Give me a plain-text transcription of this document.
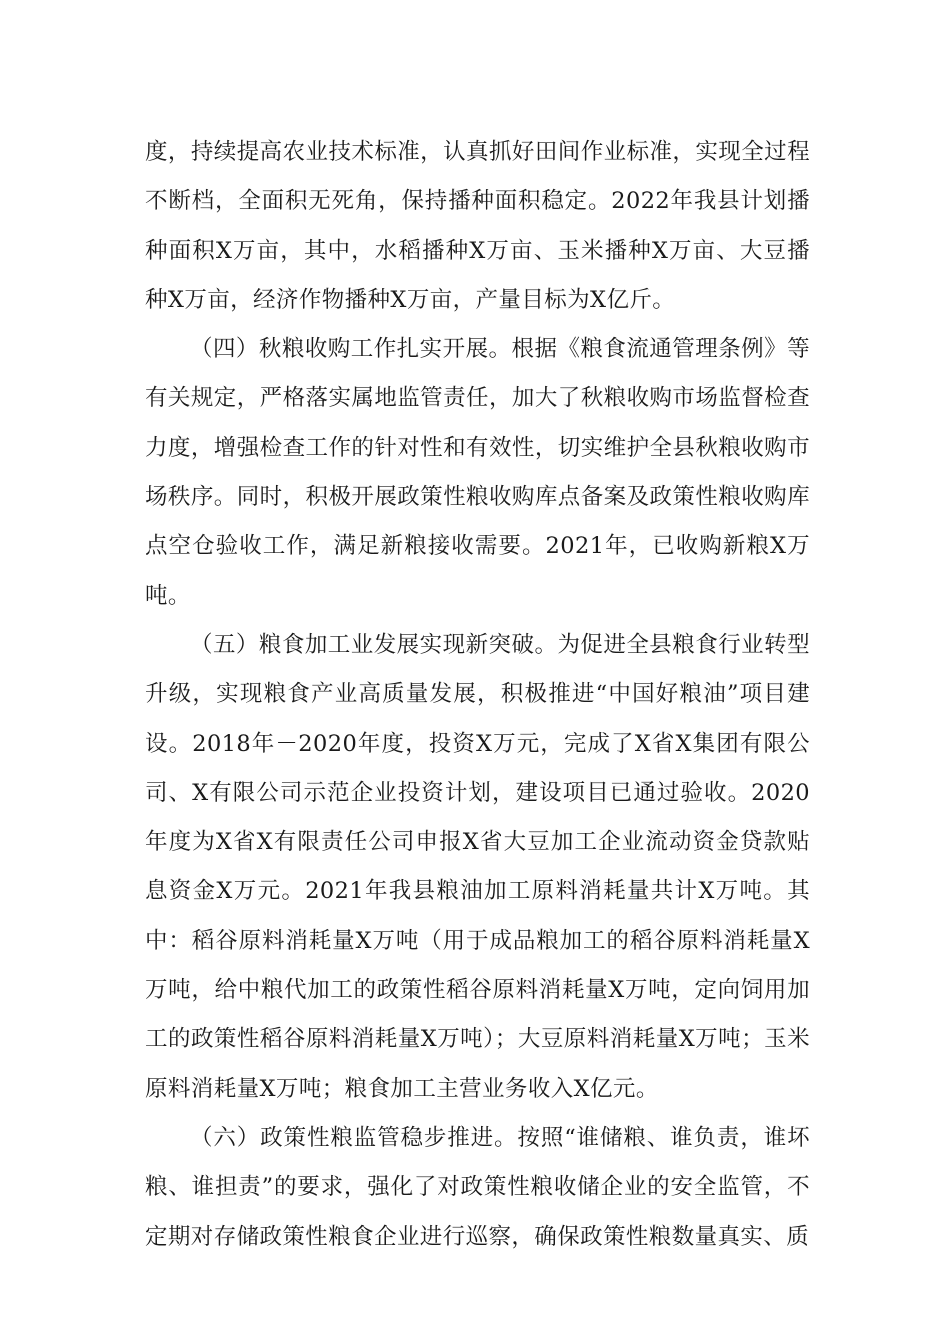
度，持续提高农业技术标准，认真抓好田间作业标准，实现全过程不断档，全面积无死角，保持播种面积稳定。2022年我县计划播种面积X万亩，其中，水稻播种X万亩、玉米播种X万亩、大豆播种X万亩，经济作物播种X万亩，产量目标为X亿斤。

（四）秋粮收购工作扎实开展。根据《粮食流通管理条例》等有关规定，严格落实属地监管责任，加大了秋粮收购市场监督检查力度，增强检查工作的针对性和有效性，切实维护全县秋粮收购市场秩序。同时，积极开展政策性粮收购库点备案及政策性粮收购库点空仓验收工作，满足新粮接收需要。2021年，已收购新粮X万吨。

（五）粮食加工业发展实现新突破。为促进全县粮食行业转型升级，实现粮食产业高质量发展，积极推进“中国好粮油”项目建设。2018年－2020年度，投资X万元，完成了X省X集团有限公司、X有限公司示范企业投资计划，建设项目已通过验收。2020年度为X省X有限责任公司申报X省大豆加工企业流动资金贷款贴息资金X万元。2021年我县粮油加工原料消耗量共计X万吨。其中：稻谷原料消耗量X万吨（用于成品粮加工的稻谷原料消耗量X万吨，给中粮代加工的政策性稻谷原料消耗量X万吨，定向饲用加工的政策性稻谷原料消耗量X万吨）；大豆原料消耗量X万吨；玉米原料消耗量X万吨；粮食加工主营业务收入X亿元。

（六）政策性粮监管稳步推进。按照“谁储粮、谁负责，谁坏粮、谁担责”的要求，强化了对政策性粮收储企业的安全监管，不定期对存储政策性粮食企业进行巡察，确保政策性粮数量真实、质
